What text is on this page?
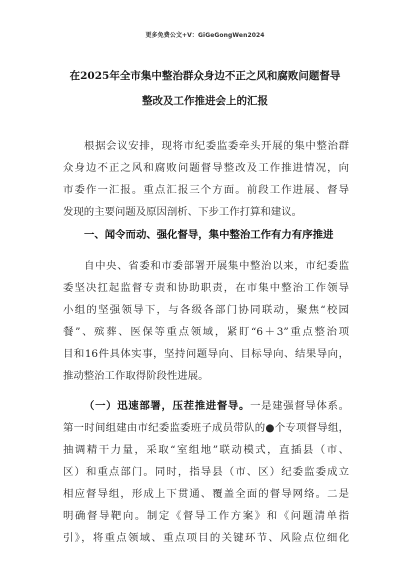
更多免费公文+V：GiGeGongWen2024
在2025年全市集中整治群众身边不正之风和腐败问题督导
整改及工作推进会上的汇报
根据会议安排，现将市纪委监委牵头开展的集中整治群
众身边不正之风和腐败问题督导整改及工作推进情况，向
市委作一汇报。重点汇报三个方面。前段工作进展、督导
发现的主要问题及原因剖析、下步工作打算和建议。
一、闻令而动、强化督导，集中整治工作有力有序推进
自中央、省委和市委部署开展集中整治以来，市纪委监
委坚决扛起监督专责和协助职责，在市集中整治工作领导
小组的坚强领导下，与各级各部门协同联动，聚焦“校园
餐”、殡葬、医保等重点领域，紧盯“6＋3”重点整治项
目和16件具体实事，坚持问题导向、目标导向、结果导向，
推动整治工作取得阶段性进展。
（一）迅速部署，压茬推进督导。一是建强督导体系。
第一时间组建由市纪委监委班子成员带队的●个专项督导组，
抽调精干力量，采取“室组地”联动模式，直插县（市、
区）和重点部门。同时，指导县（市、区）纪委监委成立
相应督导组，形成上下贯通、覆盖全面的督导网络。二是
明确督导靶向。制定《督导工作方案》和《问题清单指
引》，将重点领域、重点项目的关键环节、风险点位细化
